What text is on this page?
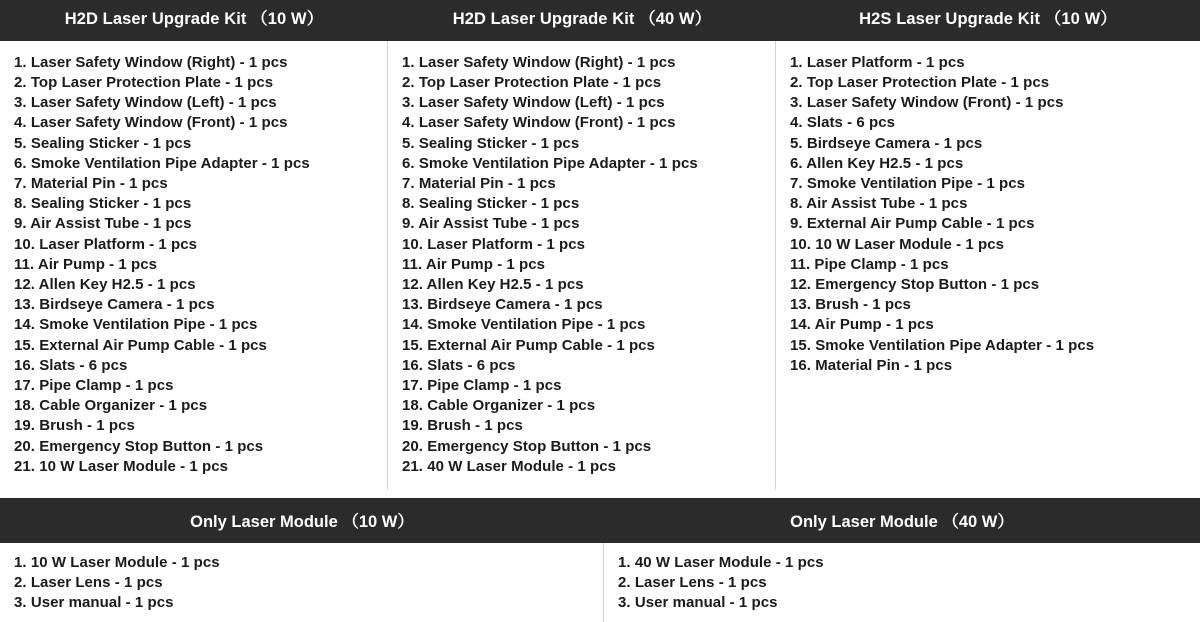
H2D Laser Upgrade Kit （10 W）
1. Laser Safety Window (Right) - 1 pcs
2. Top Laser Protection Plate - 1 pcs
3. Laser Safety Window (Left) - 1 pcs
4. Laser Safety Window (Front) - 1 pcs
5. Sealing Sticker - 1 pcs
6. Smoke Ventilation Pipe Adapter - 1 pcs
7. Material Pin - 1 pcs
8. Sealing Sticker - 1 pcs
9. Air Assist Tube - 1 pcs
10. Laser Platform - 1 pcs
11. Air Pump - 1 pcs
12. Allen Key H2.5 - 1 pcs
13. Birdseye Camera - 1 pcs
14. Smoke Ventilation Pipe - 1 pcs
15. External Air Pump Cable - 1 pcs
16. Slats - 6 pcs
17. Pipe Clamp - 1 pcs
18. Cable Organizer - 1 pcs
19. Brush - 1 pcs
20. Emergency Stop Button - 1 pcs
21. 10 W Laser Module - 1 pcs
H2D Laser Upgrade Kit （40 W）
1. Laser Safety Window (Right) - 1 pcs
2. Top Laser Protection Plate - 1 pcs
3. Laser Safety Window (Left) - 1 pcs
4. Laser Safety Window (Front) - 1 pcs
5. Sealing Sticker - 1 pcs
6. Smoke Ventilation Pipe Adapter - 1 pcs
7. Material Pin - 1 pcs
8. Sealing Sticker - 1 pcs
9. Air Assist Tube - 1 pcs
10. Laser Platform - 1 pcs
11. Air Pump - 1 pcs
12. Allen Key H2.5 - 1 pcs
13. Birdseye Camera - 1 pcs
14. Smoke Ventilation Pipe - 1 pcs
15. External Air Pump Cable - 1 pcs
16. Slats - 6 pcs
17. Pipe Clamp - 1 pcs
18. Cable Organizer - 1 pcs
19. Brush - 1 pcs
20. Emergency Stop Button - 1 pcs
21. 40 W Laser Module - 1 pcs
H2S Laser Upgrade Kit （10 W）
1. Laser Platform - 1 pcs
2. Top Laser Protection Plate - 1 pcs
3. Laser Safety Window (Front) - 1 pcs
4. Slats - 6 pcs
5. Birdseye Camera - 1 pcs
6. Allen Key H2.5 - 1 pcs
7. Smoke Ventilation Pipe - 1 pcs
8. Air Assist Tube - 1 pcs
9. External Air Pump Cable - 1 pcs
10. 10 W Laser Module - 1 pcs
11. Pipe Clamp - 1 pcs
12. Emergency Stop Button - 1 pcs
13. Brush - 1 pcs
14. Air Pump - 1 pcs
15. Smoke Ventilation Pipe Adapter - 1 pcs
16. Material Pin - 1 pcs
Only Laser Module （10 W）
1. 10 W Laser Module - 1 pcs
2. Laser Lens - 1 pcs
3. User manual - 1 pcs
Only Laser Module （40 W）
1. 40 W Laser Module - 1 pcs
2. Laser Lens - 1 pcs
3. User manual - 1 pcs
